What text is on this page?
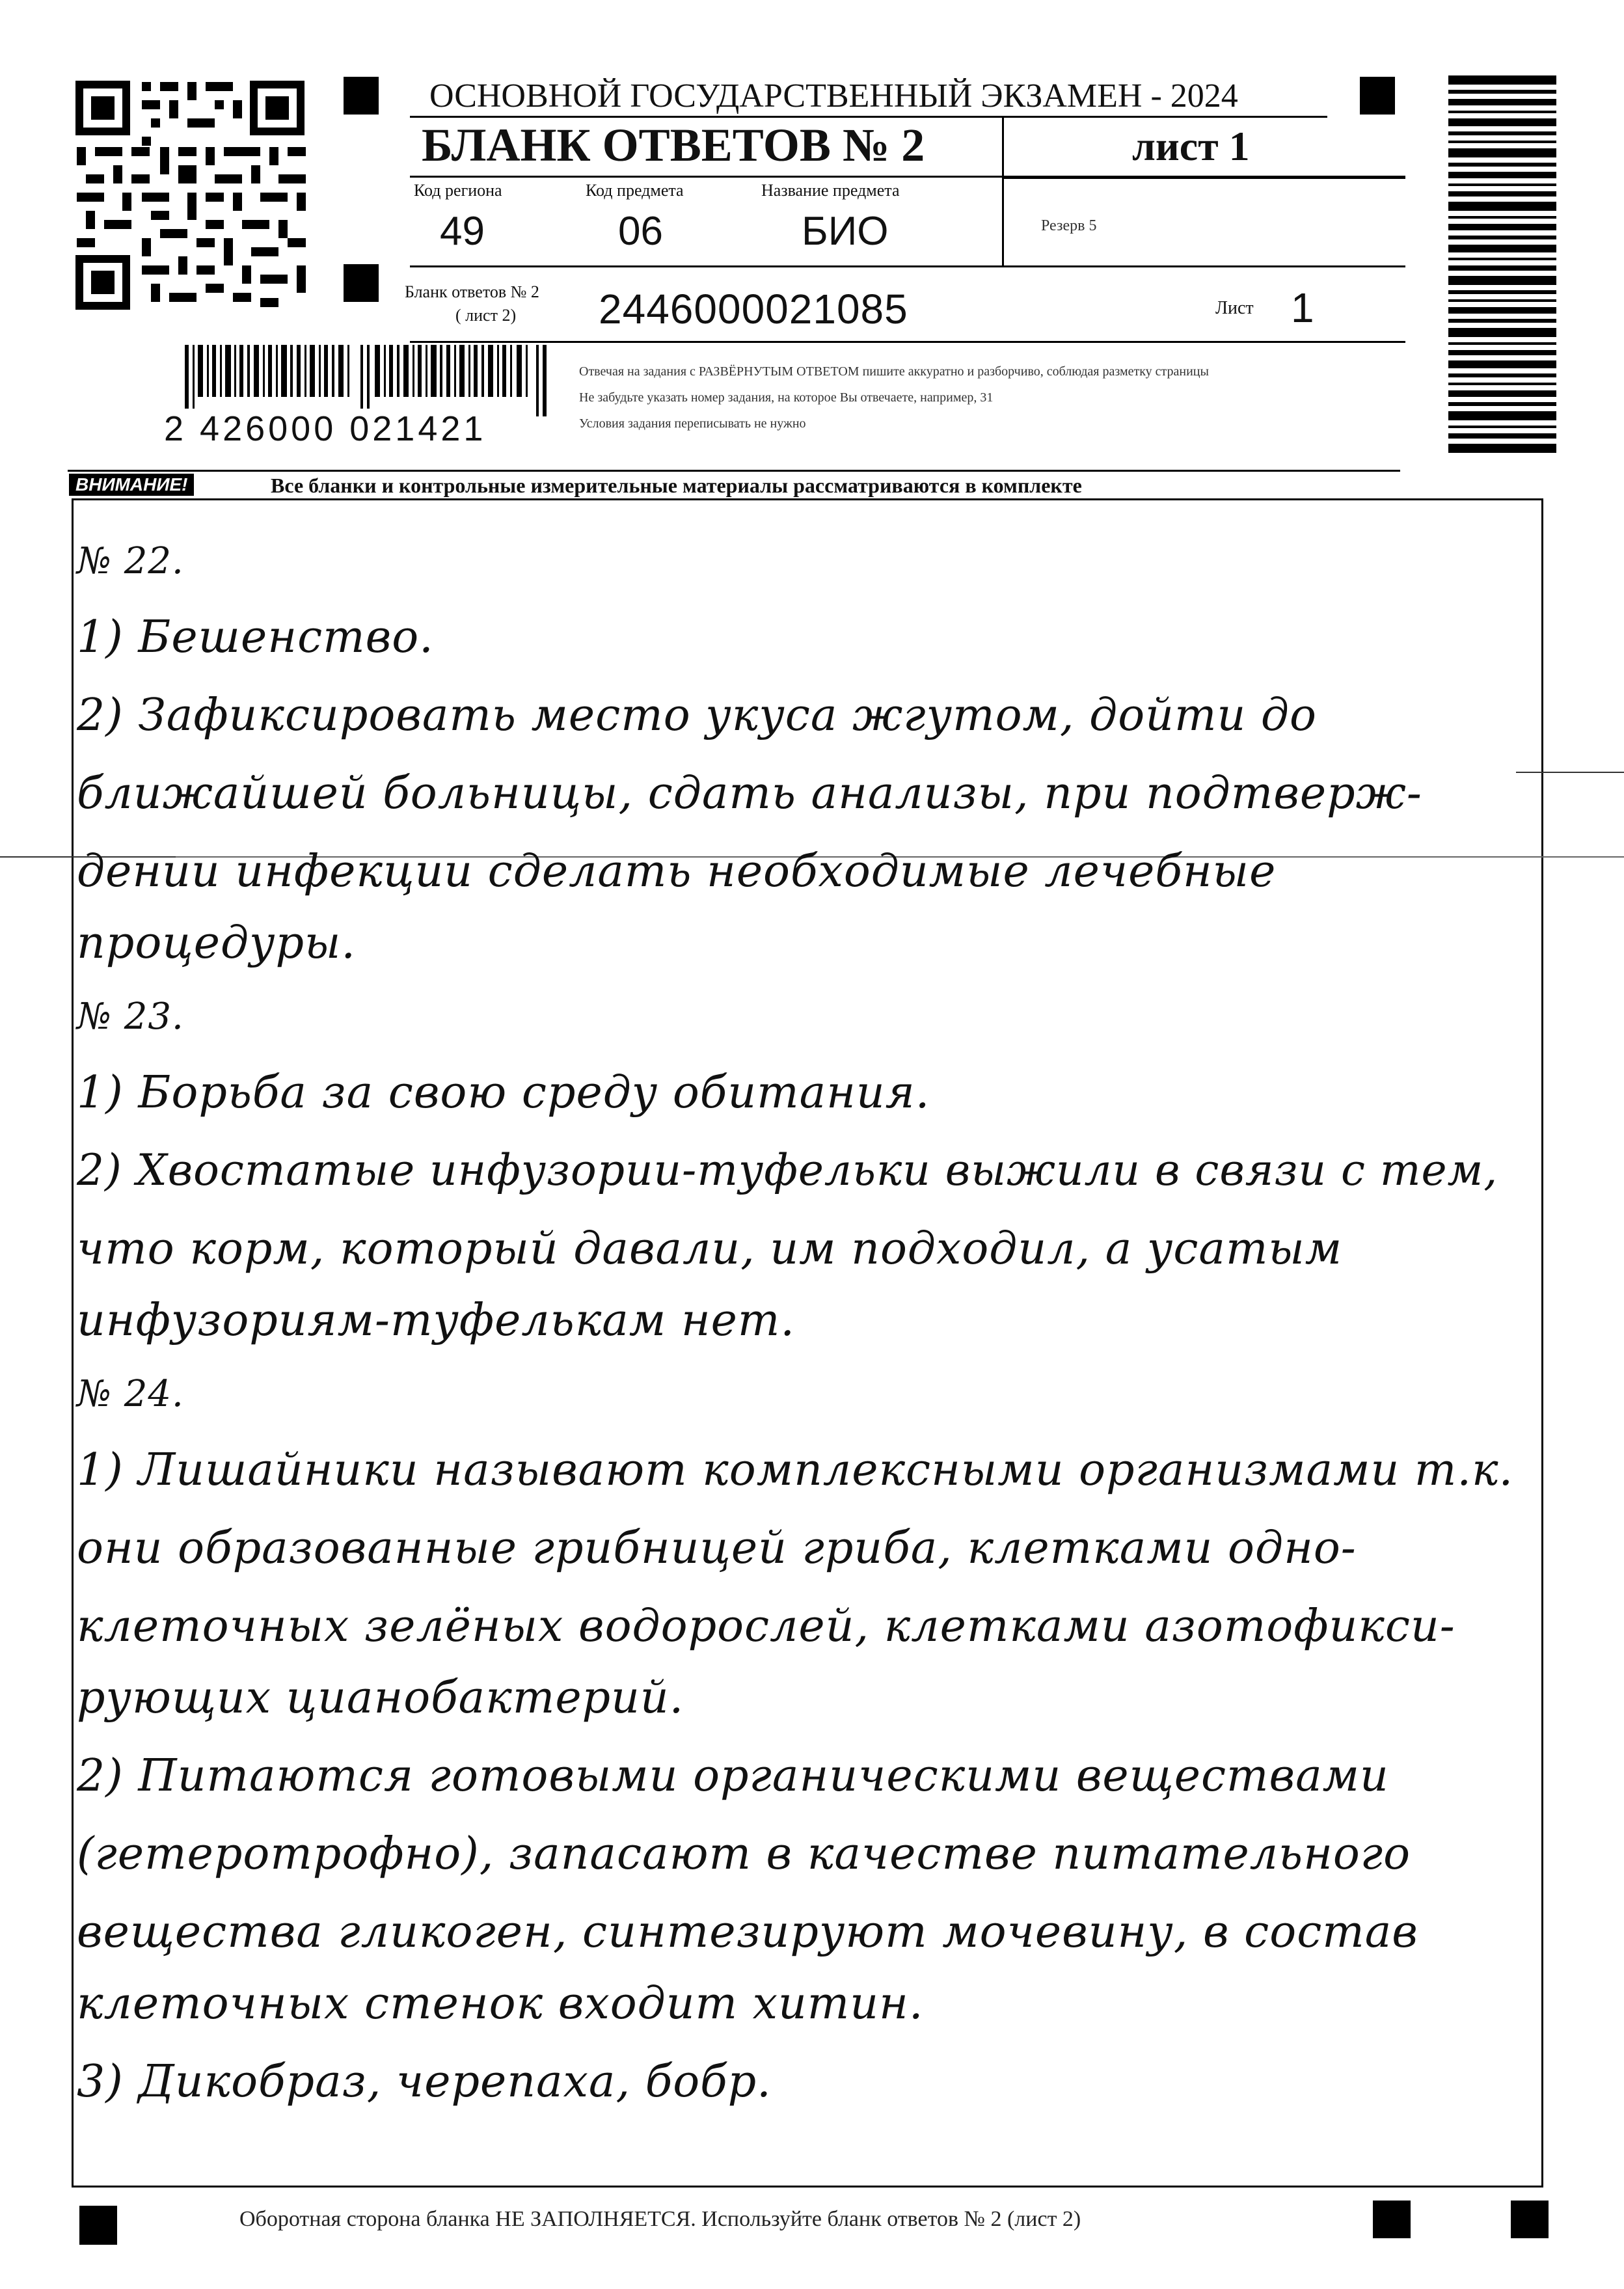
ОСНОВНОЙ ГОСУДАРСТВЕННЫЙ ЭКЗАМЕН - 2024
БЛАНК ОТВЕТОВ № 2	лист 1
Код региона	Код предмета	Название предмета
49	06	БИО	Резерв 5
Бланк ответов № 2
( лист 2) 2446000021085	Лист 1
2 426000 021421
Отвечая на задания с РАЗВЁРНУТЫМ ОТВЕТОМ пишите аккуратно и разборчиво, соблюдая разметку страницы
Не забудьте указать номер задания, на которое Вы отвечаете, например, 31
Условия задания переписывать не нужно
ВНИМАНИЕ!	Все бланки и контрольные измерительные материалы рассматриваются в комплекте
№ 22.
1) Бешенство.
2) Зафиксировать место укуса жгутом, дойти до
ближайшей больницы, сдать анализы, при подтверж-
дении инфекции сделать необходимые лечебные
процедуры.
№ 23.
1) Борьба за свою среду обитания.
2) Хвостатые инфузории-туфельки выжили в связи с тем,
что корм, который давали, им подходил, а усатым
инфузориям-туфелькам нет.
№ 24.
1) Лишайники называют комплексными организмами т.к.
они образованные грибницей гриба, клетками одно-
клеточных зелёных водорослей, клетками азотофикси-
рующих цианобактерий.
2) Питаются готовыми органическими веществами
(гетеротрофно), запасают в качестве питательного
вещества гликоген, синтезируют мочевину, в состав
клеточных стенок входит хитин.
3) Дикобраз, черепаха, бобр.
Оборотная сторона бланка НЕ ЗАПОЛНЯЕТСЯ. Используйте бланк ответов № 2 (лист 2)
